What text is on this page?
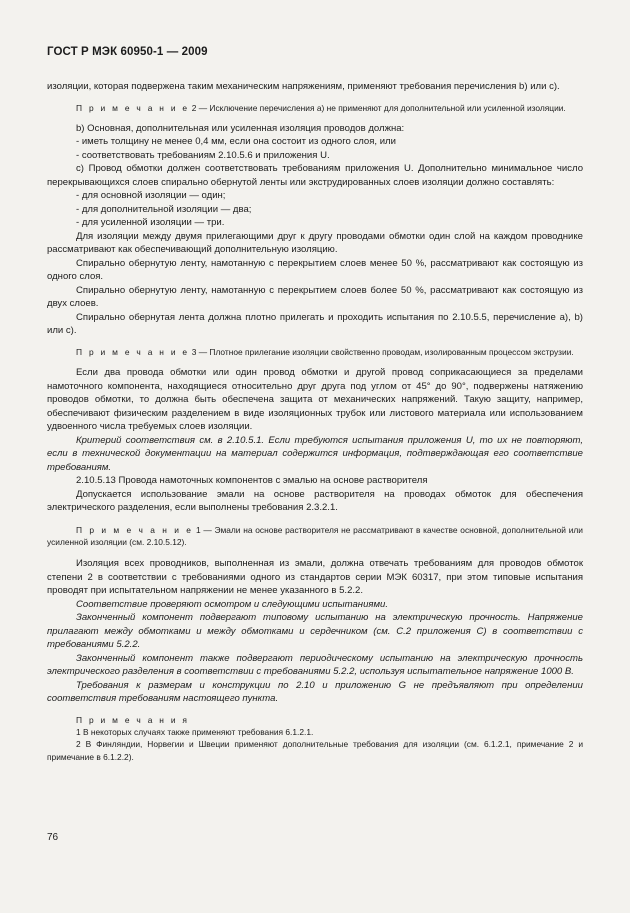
ГОСТ Р МЭК 60950-1 — 2009

изоляции, которая подвержена таким механическим напряжениям, применяют требования перечисления b) или c).

П р и м е ч а н и е 2 — Исключение перечисления а) не применяют для дополнительной или усиленной изоляции.

b) Основная, дополнительная или усиленная изоляция проводов должна:

- иметь толщину не менее 0,4 мм, если она состоит из одного слоя, или

- соответствовать требованиям 2.10.5.6 и приложения U.

c) Провод обмотки должен соответствовать требованиям приложения U. Дополнительно минимальное число перекрывающихся слоев спирально обернутой ленты или экструдированных слоев изоляции должно составлять:

- для основной изоляции — один;

- для дополнительной изоляции — два;

- для усиленной изоляции — три.

Для изоляции между двумя прилегающими друг к другу проводами обмотки один слой на каждом проводнике рассматривают как обеспечивающий дополнительную изоляцию.

Спирально обернутую ленту, намотанную с перекрытием слоев менее 50 %, рассматривают как состоящую из одного слоя.

Спирально обернутую ленту, намотанную с перекрытием слоев более 50 %, рассматривают как состоящую из двух слоев.

Спирально обернутая лента должна плотно прилегать и проходить испытания по 2.10.5.5, перечисление a), b) или c).

П р и м е ч а н и е 3 — Плотное прилегание изоляции свойственно проводам, изолированным процессом экструзии.

Если два провода обмотки или один провод обмотки и другой провод соприкасающиеся за пределами намоточного компонента, находящиеся относительно друг друга под углом от 45° до 90°, подвержены натяжению проводов обмотки, то должна быть обеспечена защита от механических напряжений. Такую защиту, например, обеспечивают физическим разделением в виде изоляционных трубок или листового материала или использованием удвоенного числа требуемых слоев изоляции.

Критерий соответствия см. в 2.10.5.1. Если требуются испытания приложения U, то их не повторяют, если в технической документации на материал содержится информация, подтверждающая его соответствие требованиям.

2.10.5.13 Провода намоточных компонентов с эмалью на основе растворителя

Допускается использование эмали на основе растворителя на проводах обмоток для обеспечения электрического разделения, если выполнены требования 2.3.2.1.

П р и м е ч а н и е 1 — Эмали на основе растворителя не рассматривают в качестве основной, дополнительной или усиленной изоляции (см. 2.10.5.12).

Изоляция всех проводников, выполненная из эмали, должна отвечать требованиям для проводов обмоток степени 2 в соответствии с требованиями одного из стандартов серии МЭК 60317, при этом типовые испытания проводят при испытательном напряжении не менее указанного в 5.2.2.

Соответствие проверяют осмотром и следующими испытаниями.

Законченный компонент подвергают типовому испытанию на электрическую прочность. Напряжение прилагают между обмотками и между обмотками и сердечником (см. C.2 приложения C) в соответствии с требованиями 5.2.2.

Законченный компонент также подвергают периодическому испытанию на электрическую прочность электрического разделения в соответствии с требованиями 5.2.2, используя испытательное напряжение 1000 В.

Требования к размерам и конструкции по 2.10 и приложению G не предъявляют при определении соответствия требованиям настоящего пункта.

П р и м е ч а н и я

1 В некоторых случаях также применяют требования 6.1.2.1.

2 В Финляндии, Норвегии и Швеции применяют дополнительные требования для изоляции (см. 6.1.2.1, примечание 2 и примечание в 6.1.2.2).

76
